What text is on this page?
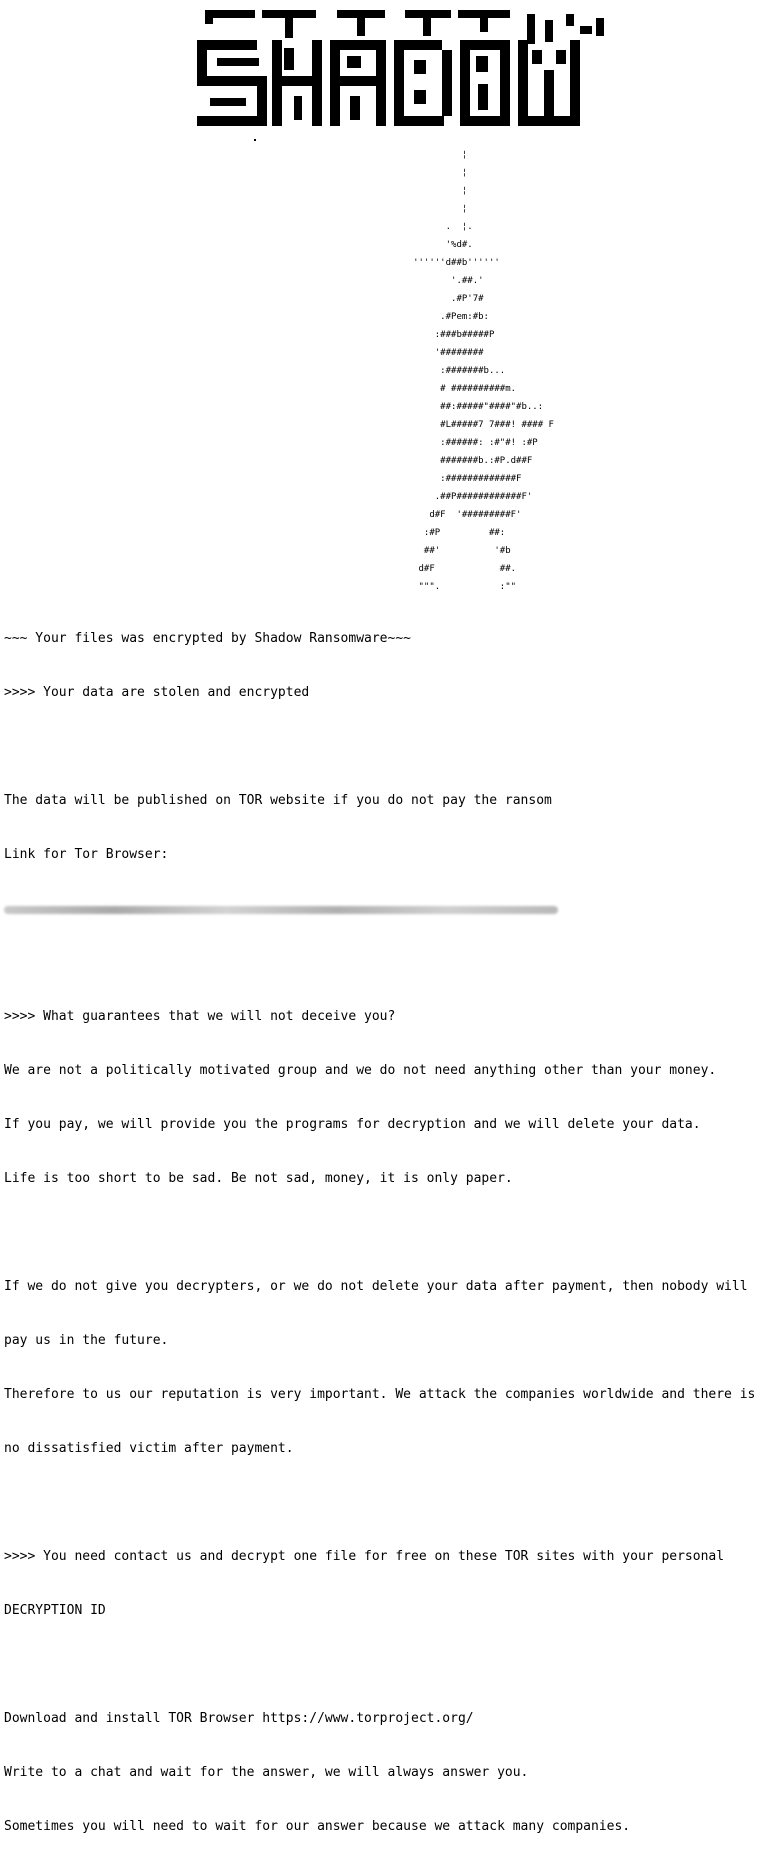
¦
¦
¦
¦
.  ¦.
'%d#.
''''''d##b''''''
'.##.'
.#P'7#
.#Pem:#b:
:###b#####P
'########
:#######b...
# ##########m.
##:#####"####"#b..:
#L#####7 7###! #### F
:######: :#"#! :#P
#######b.:#P.d##F
:#############F
.##P############F'
d#F  '#########F'
:#P         ##:
##'          '#b
d#F            ##.
""".           :""

~~~ Your files was encrypted by Shadow Ransomware~~~

>>>> Your data are stolen and encrypted

The data will be published on TOR website if you do not pay the ransom

Link for Tor Browser:

>>>> What guarantees that we will not deceive you?

We are not a politically motivated group and we do not need anything other than your money.

If you pay, we will provide you the programs for decryption and we will delete your data.

Life is too short to be sad. Be not sad, money, it is only paper.

If we do not give you decrypters, or we do not delete your data after payment, then nobody will

pay us in the future.

Therefore to us our reputation is very important. We attack the companies worldwide and there is

no dissatisfied victim after payment.

>>>> You need contact us and decrypt one file for free on these TOR sites with your personal

DECRYPTION ID

Download and install TOR Browser https://www.torproject.org/

Write to a chat and wait for the answer, we will always answer you.

Sometimes you will need to wait for our answer because we attack many companies.
